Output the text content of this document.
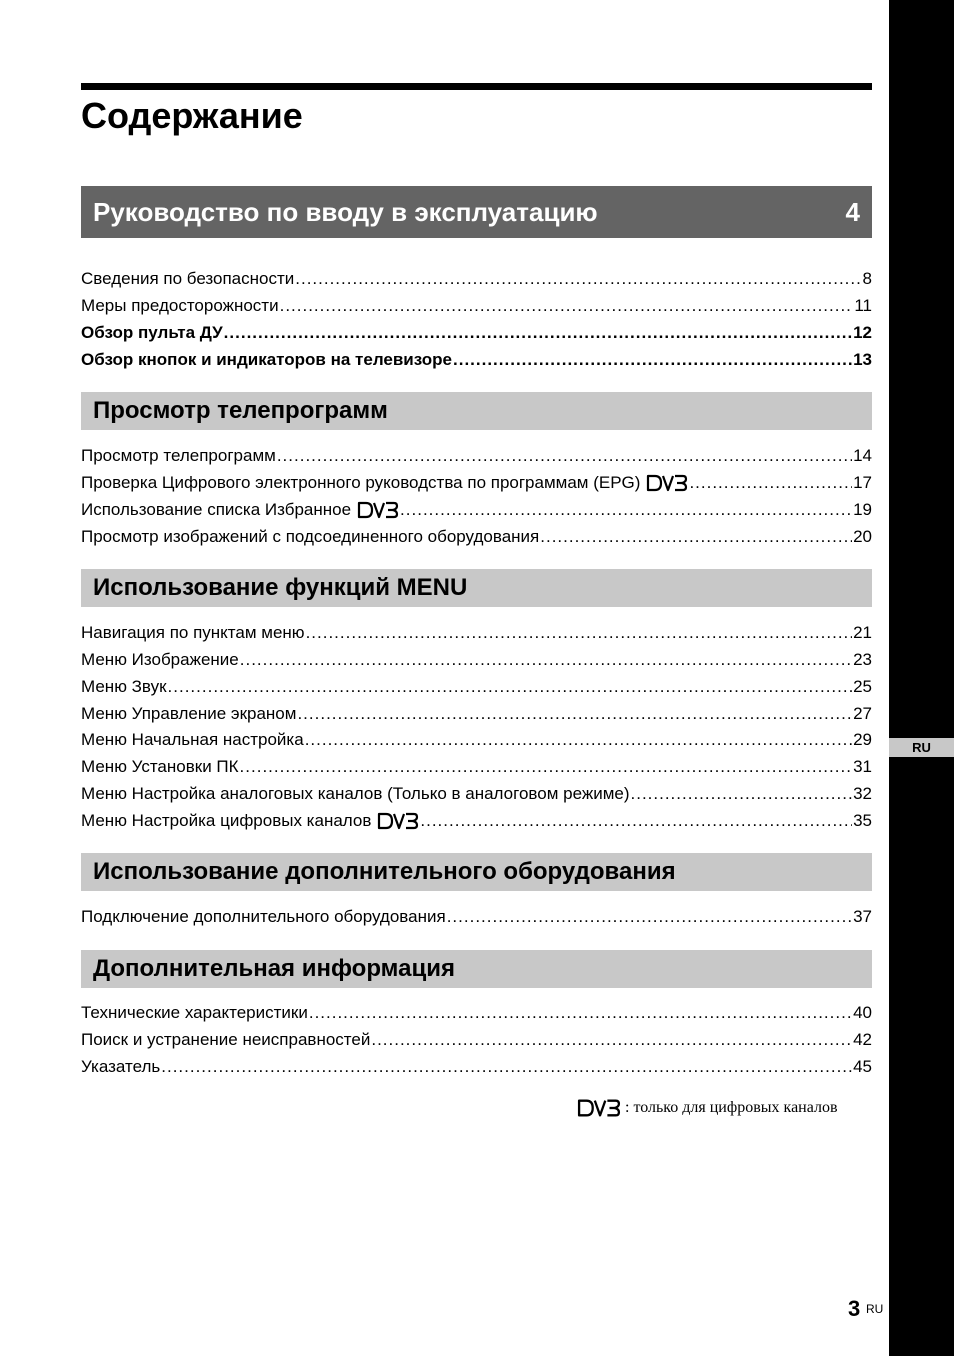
RU
Содержание
Руководство по вводу в эксплуатацию	4
Сведения по безопасности .....	8
Меры предосторожности .....	11
Обзор пульта ДУ .....	12
Обзор кнопок и индикаторов на телевизоре .....	13
Просмотр телепрограмм
Просмотр телепрограмм .....	14
Проверка Цифрового электронного руководства по программам (EPG) .....	17
Использование списка Избранное .....	19
Просмотр изображений с подсоединенного оборудования .....	20
Использование функций MENU
Навигация по пунктам меню .....	21
Меню Изображение .....	23
Меню Звук .....	25
Меню Управление экраном .....	27
Меню Начальная настройка .....	29
Меню Установки ПК .....	31
Меню Настройка аналоговых каналов (Только в аналоговом режиме) .....	32
Меню Настройка цифровых каналов .....	35
Использование дополнительного оборудования
Подключение дополнительного оборудования .....	37
Дополнительная информация
Технические характеристики .....	40
Поиск и устранение неисправностей .....	42
Указатель .....	45
: только для цифровых каналов
3 RU
